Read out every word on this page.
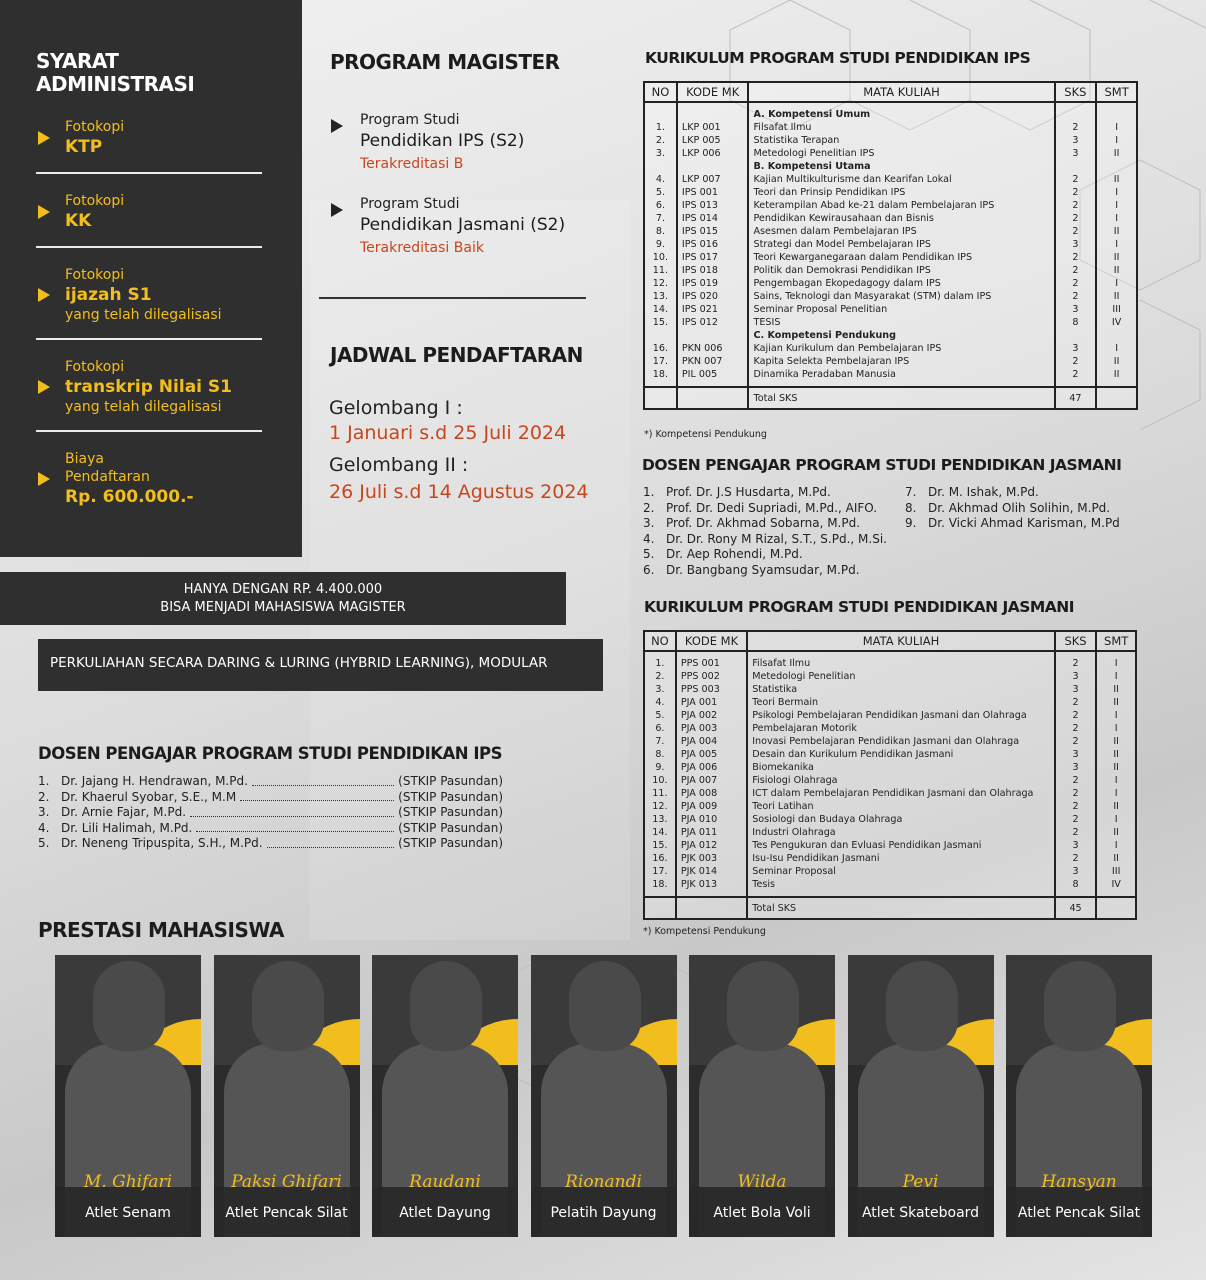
SYARAT
ADMINISTRASI
Fotokopi
KTP
Fotokopi
KK
Fotokopi
ijazah S1
yang telah dilegalisasi
Fotokopi
transkrip Nilai S1
yang telah dilegalisasi
Biaya
Pendaftaran
Rp. 600.000.-
PROGRAM MAGISTER
Program Studi
Pendidikan IPS (S2)
Terakreditasi B
Program Studi
Pendidikan Jasmani (S2)
Terakreditasi Baik
JADWAL PENDAFTARAN
Gelombang I :
1 Januari s.d 25 Juli 2024
Gelombang II :
26 Juli s.d 14 Agustus 2024
HANYA DENGAN RP. 4.400.000
BISA MENJADI MAHASISWA MAGISTER
PERKULIAHAN SECARA DARING & LURING (HYBRID LEARNING), MODULAR
DOSEN PENGAJAR PROGRAM STUDI PENDIDIKAN IPS
1. Dr. Jajang H. Hendrawan, M.Pd.	(STKIP Pasundan)
2. Dr. Khaerul Syobar, S.E., M.M	(STKIP Pasundan)
3. Dr. Arnie Fajar, M.Pd.	(STKIP Pasundan)
4. Dr. Lili Halimah, M.Pd.	(STKIP Pasundan)
5. Dr. Neneng Tripuspita, S.H., M.Pd.	(STKIP Pasundan)
KURIKULUM PROGRAM STUDI PENDIDIKAN IPS
NO	KODE MK	MATA KULIAH	SKS	SMT

		A. Kompetensi Umum		
1.	LKP 001	Filsafat Ilmu	2	I
2.	LKP 005	Statistika Terapan	3	I
3.	LKP 006	Metedologi Penelitian IPS	3	II
		B. Kompetensi Utama		
4.	LKP 007	Kajian Multikulturisme dan Kearifan Lokal	2	II
5.	IPS 001	Teori dan Prinsip Pendidikan IPS	2	I
6.	IPS 013	Keterampilan Abad ke-21 dalam Pembelajaran IPS	2	I
7.	IPS 014	Pendidikan Kewirausahaan dan Bisnis	2	I
8.	IPS 015	Asesmen dalam Pembelajaran IPS	2	II
9.	IPS 016	Strategi dan Model Pembelajaran IPS	3	I
10.	IPS 017	Teori Kewarganegaraan dalam Pendidikan IPS	2	II
11.	IPS 018	Politik dan Demokrasi Pendidikan IPS	2	II
12.	IPS 019	Pengembagan Ekopedagogy dalam IPS	2	I
13.	IPS 020	Sains, Teknologi dan Masyarakat (STM) dalam IPS	2	II
14.	IPS 021	Seminar Proposal Penelitian	3	III
15.	IPS 012	TESIS	8	IV
		C. Kompetensi Pendukung		
16.	PKN 006	Kajian Kurikulum dan Pembelajaran IPS	3	I
17.	PKN 007	Kapita Selekta Pembelajaran IPS	2	II
18.	PIL 005	Dinamika Peradaban Manusia	2	II

		Total SKS	47	
*) Kompetensi Pendukung
DOSEN PENGAJAR PROGRAM STUDI PENDIDIKAN JASMANI
1. Prof. Dr. J.S Husdarta, M.Pd.
2. Prof. Dr. Dedi Supriadi, M.Pd., AIFO.
3. Prof. Dr. Akhmad Sobarna, M.Pd.
4. Dr. Dr. Rony M Rizal, S.T., S.Pd., M.Si.
5. Dr. Aep Rohendi, M.Pd.
6. Dr. Bangbang Syamsudar, M.Pd.
7. Dr. M. Ishak, M.Pd.
8. Dr. Akhmad Olih Solihin, M.Pd.
9. Dr. Vicki Ahmad Karisman, M.Pd
KURIKULUM PROGRAM STUDI PENDIDIKAN JASMANI
NO	KODE MK	MATA KULIAH	SKS	SMT

1.	PPS 001	Filsafat Ilmu	2	I
2.	PPS 002	Metedologi Penelitian	3	I
3.	PPS 003	Statistika	3	II
4.	PJA 001	Teori Bermain	2	II
5.	PJA 002	Psikologi Pembelajaran Pendidikan Jasmani dan Olahraga	2	I
6.	PJA 003	Pembelajaran Motorik	2	I
7.	PJA 004	Inovasi Pembelajaran Pendidikan Jasmani dan Olahraga	2	II
8.	PJA 005	Desain dan Kurikulum Pendidikan Jasmani	3	II
9.	PJA 006	Biomekanika	3	II
10.	PJA 007	Fisiologi Olahraga	2	I
11.	PJA 008	ICT dalam Pembelajaran Pendidikan Jasmani dan Olahraga	2	I
12.	PJA 009	Teori Latihan	2	II
13.	PJA 010	Sosiologi dan Budaya Olahraga	2	I
14.	PJA 011	Industri Olahraga	2	II
15.	PJA 012	Tes Pengukuran dan Evluasi Pendidikan Jasmani	3	I
16.	PJK 003	Isu-Isu Pendidikan Jasmani	2	II
17.	PJK 014	Seminar Proposal	3	III
18.	PJK 013	Tesis	8	IV

		Total SKS	45	
*) Kompetensi Pendukung
PRESTASI MAHASISWA
Atlet Senam
M. Ghifari
Atlet Pencak Silat
Paksi Ghifari
Atlet Dayung
Raudani
Pelatih Dayung
Rionandi
Atlet Bola Voli
Wilda
Atlet Skateboard
Pevi
Atlet Pencak Silat
Hansyan
